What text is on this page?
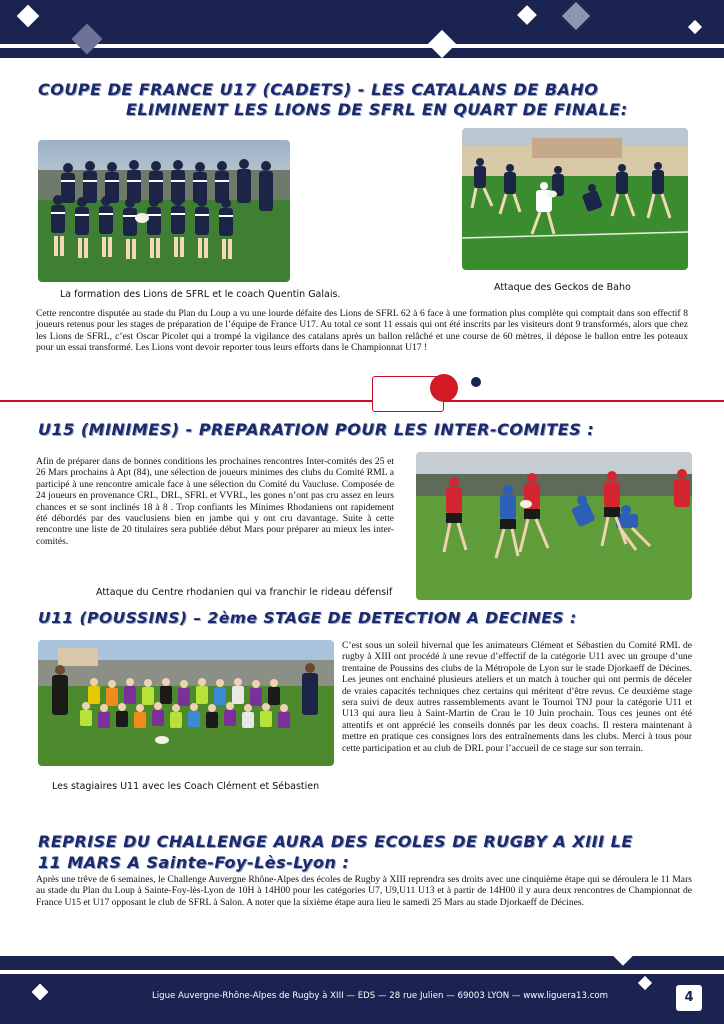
COUPE DE FRANCE U17 (CADETS) - LES CATALANS DE BAHO
ELIMINENT LES LIONS DE SFRL EN QUART DE FINALE:
La formation des Lions de SFRL et le coach Quentin Galais.
Attaque des Geckos de Baho
Cette rencontre disputée au stade du Plan du Loup a vu une lourde défaite des Lions de SFRL 62 à 6 face à une formation plus complète qui comptait dans son effectif 8 joueurs retenus pour les stages de préparation de l’équipe de France U17. Au total ce sont 11 essais qui ont été inscrits par les visiteurs dont 9 transformés, alors que chez les Lions de SFRL, c’est Oscar Picolet qui a trompé la vigilance des catalans après un ballon relâché et une course de 60 mètres, il dépose le ballon entre les poteaux pour un essai transformé. Les Lions vont devoir reporter tous leurs efforts dans le Championnat U17 !
U15 (MINIMES) - PREPARATION POUR LES INTER-COMITES :
Afin de préparer dans de bonnes conditions les prochaines rencontres Inter-comités des 25 et 26 Mars prochains à Apt (84), une sélection de joueurs minimes des clubs du Comité RML a participé à une rencontre amicale face à une sélection du Comité du Vaucluse. Composée de 24 joueurs en provenance CRL, DRL, SFRL et VVRL, les gones n’ont pas cru assez en leurs chances et se sont inclinés 18 à 8 . Trop confiants les Minimes Rhodaniens ont rapidement été débordés par des vauclusiens bien en jambe qui y ont cru davantage. Suite à cette rencontre une liste de 20 titulaires sera publiée début Mars pour préparer au mieux les inter-comités.
Attaque du Centre rhodanien qui va franchir le rideau défensif
U11 (POUSSINS) – 2ème STAGE DE DETECTION A DECINES :
C’est sous un soleil hivernal que les animateurs Clément et Sébastien du Comité RML de rugby à XIII ont procédé à une revue d’effectif de la catégorie U11 avec un groupe d’une trentaine de Poussins des clubs de la Métropole de Lyon sur le stade Djorkaeff de Décines. Les jeunes ont enchainé plusieurs ateliers et un match à toucher qui ont permis de déceler de vraies capacités techniques chez certains qui méritent d’être revus. Ce deuxième stage sera suivi de deux autres rassemblements avant le Tournoi TNJ pour la catégorie U11 et U13 qui aura lieu à Saint-Martin de Crau le 10 Juin prochain. Tous ces jeunes ont été attentifs et ont apprécié les conseils donnés par les deux coachs. Il restera maintenant à mettre en pratique ces consignes lors des entraînements dans les clubs. Merci à tous pour cette participation et au club de DRL pour l’accueil de ce stage sur son terrain.
Les stagiaires U11 avec les Coach Clément et Sébastien
REPRISE DU CHALLENGE AURA DES ECOLES DE RUGBY A XIII LE
11 MARS A Sainte-Foy-Lès-Lyon :
Après une trêve de 6 semaines, le Challenge Auvergne Rhône-Alpes des écoles de Rugby à XIII reprendra ses droits avec une cinquième étape qui se déroulera le 11 Mars au stade du Plan du Loup à Sainte-Foy-lès-Lyon de 10H à 14H00 pour les catégories U7, U9,U11 U13 et à partir de 14H00 il y aura deux rencontres de Championnat de France U15 et U17 opposant le club de SFRL à Salon. A noter que la sixième étape aura lieu le samedi 25 Mars au stade Djorkaeff de Décines.
Ligue Auvergne-Rhône-Alpes de Rugby à XIII — EDS — 28 rue Julien — 69003 LYON — www.liguera13.com	4
